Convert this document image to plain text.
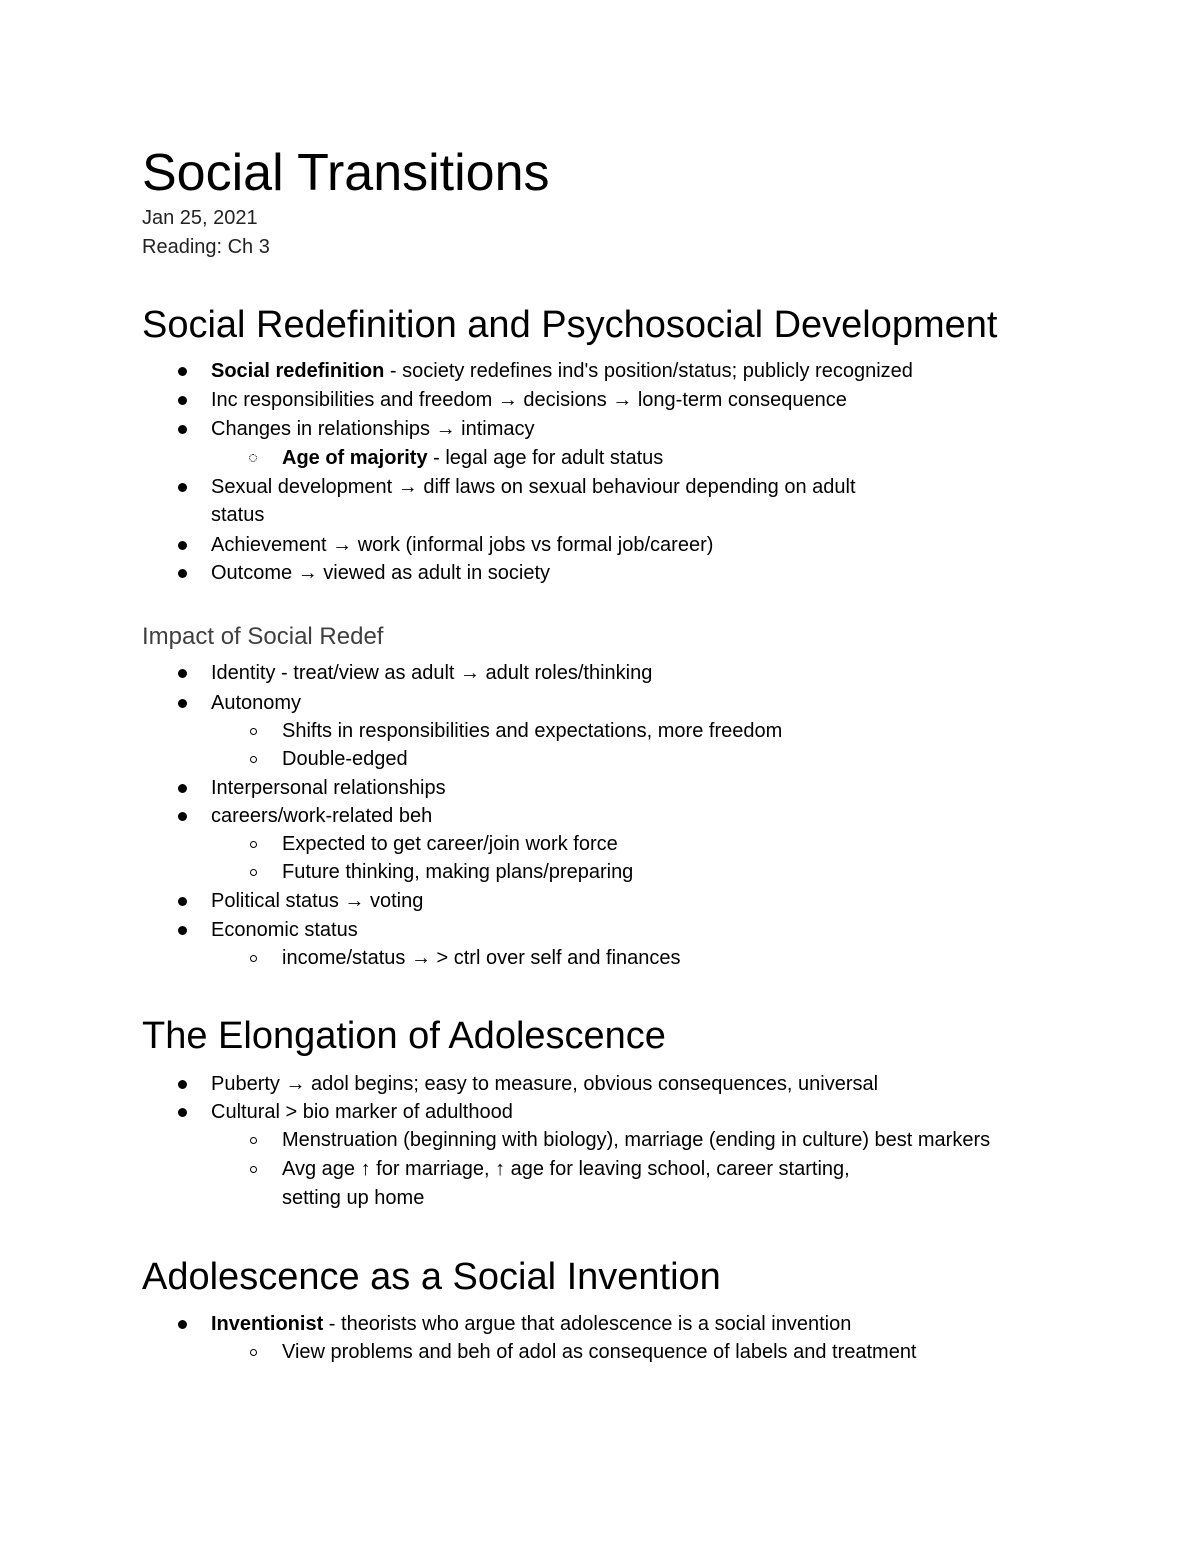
Social Transitions
Jan 25, 2021
Reading: Ch 3
Social Redefinition and Psychosocial Development
Social redefinition - society redefines ind's position/status; publicly recognized
Inc responsibilities and freedom → decisions → long-term consequence
Changes in relationships → intimacy
Age of majority - legal age for adult status
Sexual development → diff laws on sexual behaviour depending on adult
status
Achievement → work (informal jobs vs formal job/career)
Outcome → viewed as adult in society
Impact of Social Redef
Identity - treat/view as adult → adult roles/thinking
Autonomy
Shifts in responsibilities and expectations, more freedom
Double-edged
Interpersonal relationships
careers/work-related beh
Expected to get career/join work force
Future thinking, making plans/preparing
Political status → voting
Economic status
income/status → > ctrl over self and finances
The Elongation of Adolescence
Puberty → adol begins; easy to measure, obvious consequences, universal
Cultural > bio marker of adulthood
Menstruation (beginning with biology), marriage (ending in culture) best markers
Avg age ↑ for marriage, ↑ age for leaving school, career starting,
setting up home
Adolescence as a Social Invention
Inventionist - theorists who argue that adolescence is a social invention
View problems and beh of adol as consequence of labels and treatment
